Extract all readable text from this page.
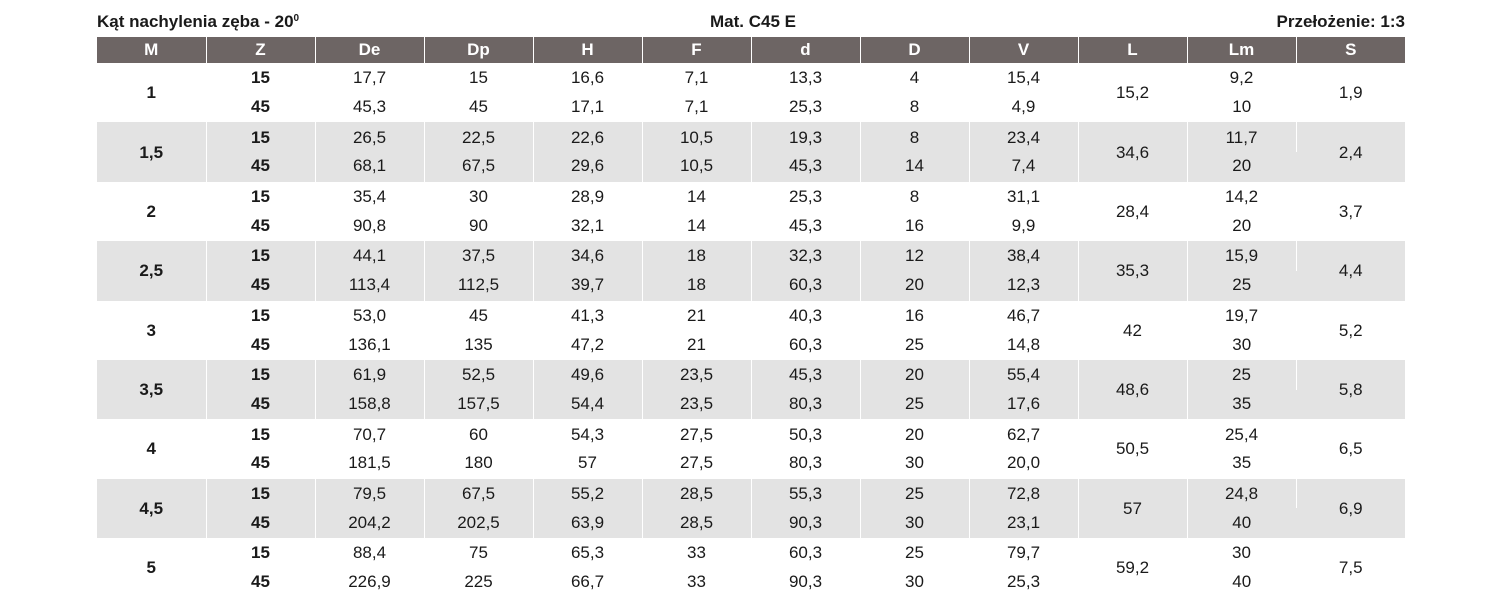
Kąt nachylenia zęba - $20^0$	Mat. C45 E	Przełożenie: 1:3
M	Z	De	Dp	H	F	d	D	V	L	Lm	S
1	15	17,7	15	16,6	7,1	13,3	4	15,4	15,2	9,2	1,9
	45	45,3	45	17,1	7,1	25,3	8	4,9		10	
1,5	15	26,5	22,5	22,6	10,5	19,3	8	23,4	34,6	11,7	2,4
	45	68,1	67,5	29,6	10,5	45,3	14	7,4		20	
2	15	35,4	30	28,9	14	25,3	8	31,1	28,4	14,2	3,7
	45	90,8	90	32,1	14	45,3	16	9,9		20	
2,5	15	44,1	37,5	34,6	18	32,3	12	38,4	35,3	15,9	4,4
	45	113,4	112,5	39,7	18	60,3	20	12,3		25	
3	15	53,0	45	41,3	21	40,3	16	46,7	42	19,7	5,2
	45	136,1	135	47,2	21	60,3	25	14,8		30	
3,5	15	61,9	52,5	49,6	23,5	45,3	20	55,4	48,6	25	5,8
	45	158,8	157,5	54,4	23,5	80,3	25	17,6		35	
4	15	70,7	60	54,3	27,5	50,3	20	62,7	50,5	25,4	6,5
	45	181,5	180	57	27,5	80,3	30	20,0		35	
4,5	15	79,5	67,5	55,2	28,5	55,3	25	72,8	57	24,8	6,9
	45	204,2	202,5	63,9	28,5	90,3	30	23,1		40	
5	15	88,4	75	65,3	33	60,3	25	79,7	59,2	30	7,5
	45	226,9	225	66,7	33	90,3	30	25,3		40	
